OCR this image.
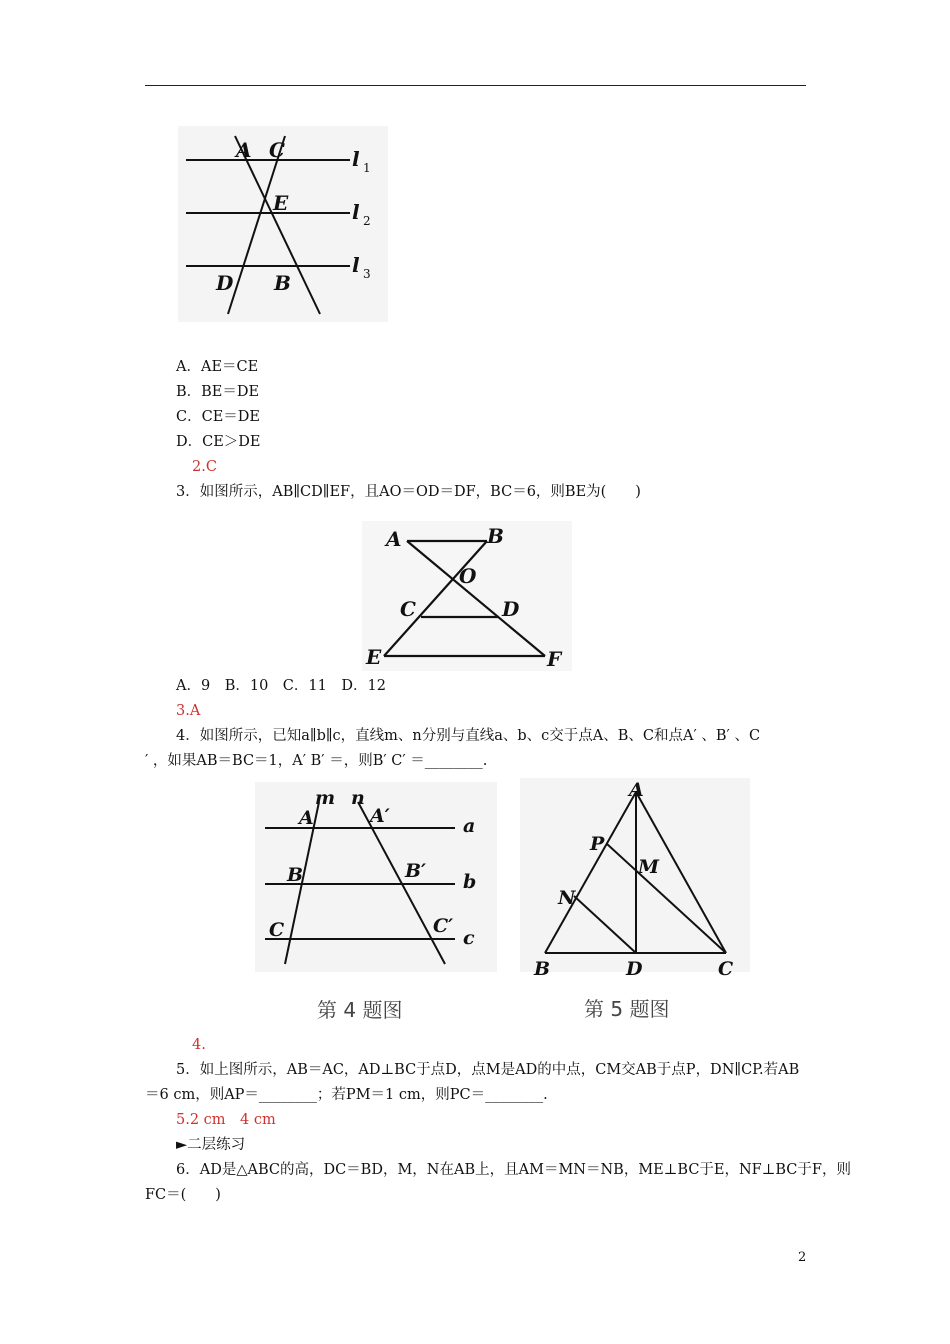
A C
E
D B
l 1
l 2
l 3
A．AE＝CE
B．BE＝DE
C．CE＝DE
D．CE＞DE
2.C
3．如图所示，AB∥CD∥EF，且AO＝OD＝DF，BC＝6，则BE为(　　)
A	B
O
C	D
E	F
A．9　B．10　C．11　D．12
3.A
4．如图所示，已知a∥b∥c，直线m、n分别与直线a、b、c交于点A、B、C和点A′ 、B′ 、C
′ ，如果AB＝BC＝1，A′ B′ ＝，则B′ C′ ＝________.
m n
A	A′	a
B	B′ b
C	C′
c
第 4 题图
A
P
M
N
B	D	C
第 5 题图
4.
5．如上图所示，AB＝AC，AD⊥BC于点D，点M是AD的中点，CM交AB于点P，DN∥CP.若AB
＝6 cm，则AP＝________；若PM＝1 cm，则PC＝________.
5.2 cm　4 cm
►二层练习
6．AD是△ABC的高，DC＝BD，M，N在AB上，且AM＝MN＝NB，ME⊥BC于E，NF⊥BC于F，则
FC＝(　　)
2
